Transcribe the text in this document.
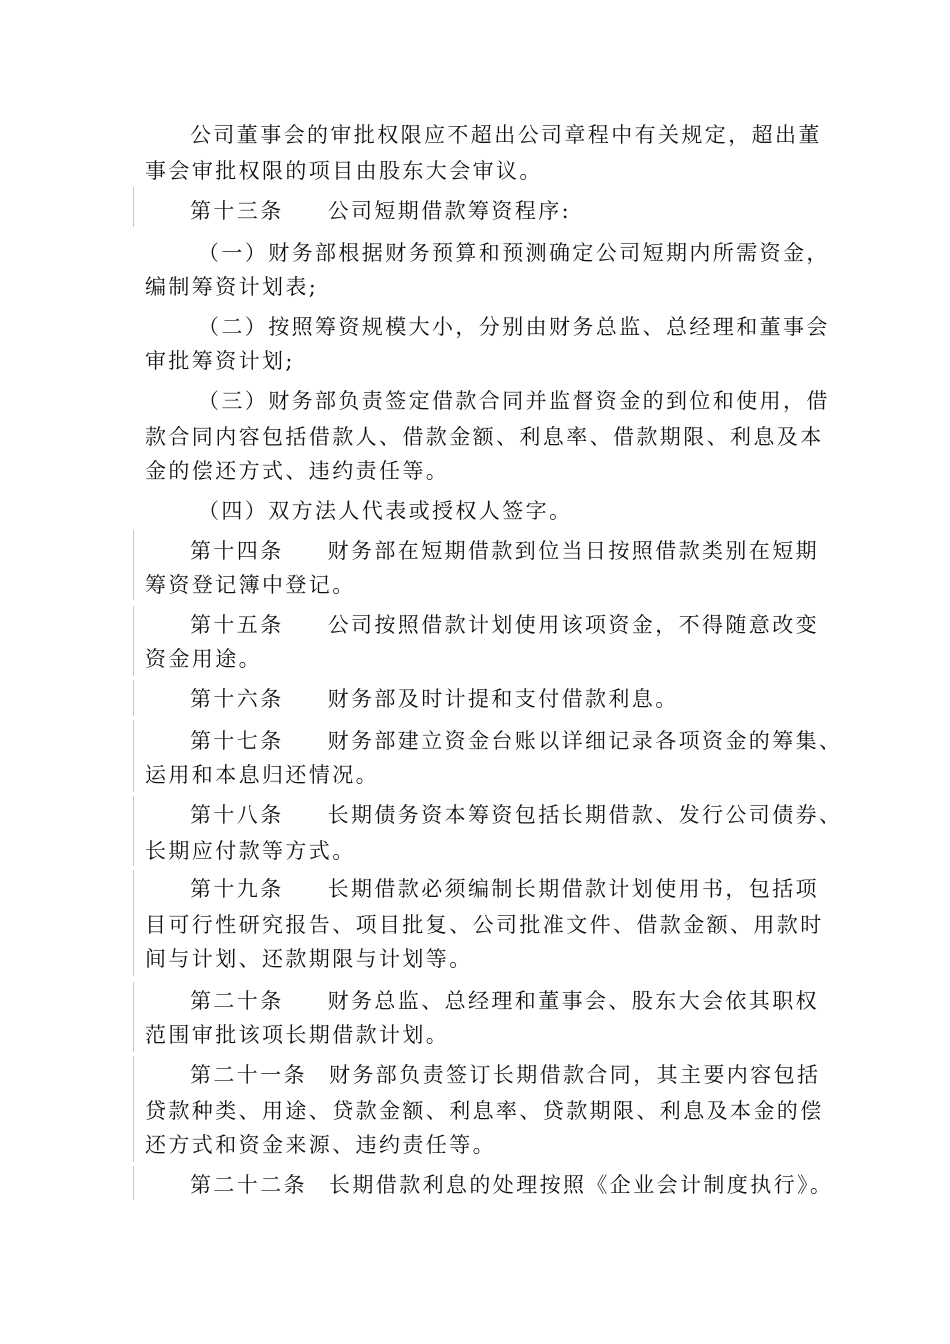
公司董事会的审批权限应不超出公司章程中有关规定，超出董
事会审批权限的项目由股东大会审议。
第十三条 公司短期借款筹资程序:
（一）财务部根据财务预算和预测确定公司短期内所需资金，
编制筹资计划表;
（二）按照筹资规模大小，分别由财务总监、总经理和董事会
审批筹资计划;
（三）财务部负责签定借款合同并监督资金的到位和使用，借
款合同内容包括借款人、借款金额、利息率、借款期限、利息及本
金的偿还方式、违约责任等。
（四）双方法人代表或授权人签字。
第十四条 财务部在短期借款到位当日按照借款类别在短期
筹资登记簿中登记。
第十五条 公司按照借款计划使用该项资金，不得随意改变
资金用途。
第十六条 财务部及时计提和支付借款利息。
第十七条 财务部建立资金台账以详细记录各项资金的筹集、
运用和本息归还情况。
第十八条 长期债务资本筹资包括长期借款、发行公司债券、
长期应付款等方式。
第十九条 长期借款必须编制长期借款计划使用书，包括项
目可行性研究报告、项目批复、公司批准文件、借款金额、用款时
间与计划、还款期限与计划等。
第二十条 财务总监、总经理和董事会、股东大会依其职权
范围审批该项长期借款计划。
第二十一条 财务部负责签订长期借款合同，其主要内容包括
贷款种类、用途、贷款金额、利息率、贷款期限、利息及本金的偿
还方式和资金来源、违约责任等。
第二十二条 长期借款利息的处理按照《企业会计制度执行》。
